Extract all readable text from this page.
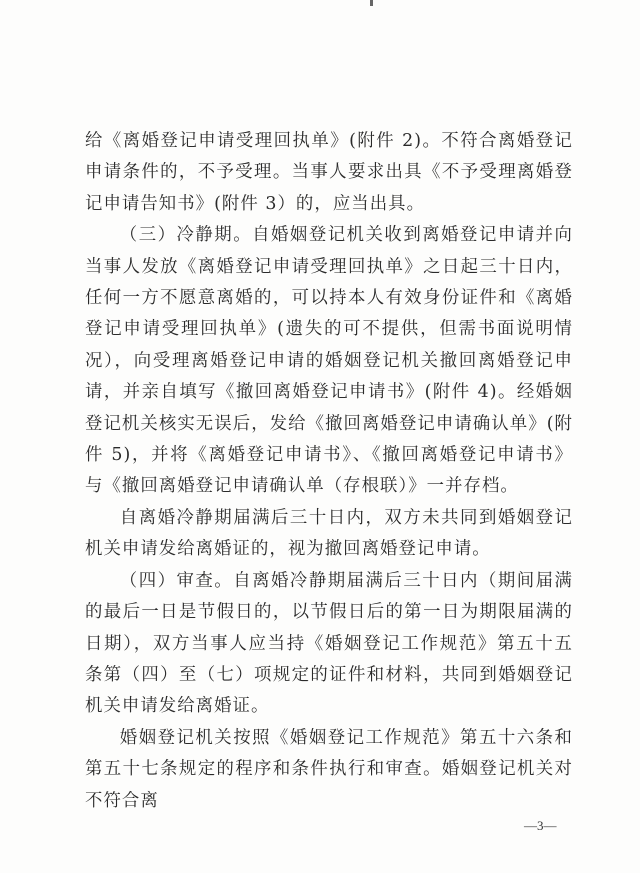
给《离婚登记申请受理回执单》(附件 2)。不符合离婚登记申请条件的，不予受理。当事人要求出具《不予受理离婚登记申请告知书》(附件 3）的，应当出具。

（三）冷静期。自婚姻登记机关收到离婚登记申请并向当事人发放《离婚登记申请受理回执单》之日起三十日内，任何一方不愿意离婚的，可以持本人有效身份证件和《离婚登记申请受理回执单》(遗失的可不提供，但需书面说明情况），向受理离婚登记申请的婚姻登记机关撤回离婚登记申请，并亲自填写《撤回离婚登记申请书》(附件 4)。经婚姻登记机关核实无误后，发给《撤回离婚登记申请确认单》(附件 5)，并将《离婚登记申请书》、《撤回离婚登记申请书》与《撤回离婚登记申请确认单（存根联）》一并存档。

自离婚冷静期届满后三十日内，双方未共同到婚姻登记机关申请发给离婚证的，视为撤回离婚登记申请。

（四）审查。自离婚冷静期届满后三十日内（期间届满的最后一日是节假日的，以节假日后的第一日为期限届满的日期），双方当事人应当持《婚姻登记工作规范》第五十五条第（四）至（七）项规定的证件和材料，共同到婚姻登记机关申请发给离婚证。

婚姻登记机关按照《婚姻登记工作规范》第五十六条和第五十七条规定的程序和条件执行和审查。婚姻登记机关对不符合离

—3—
